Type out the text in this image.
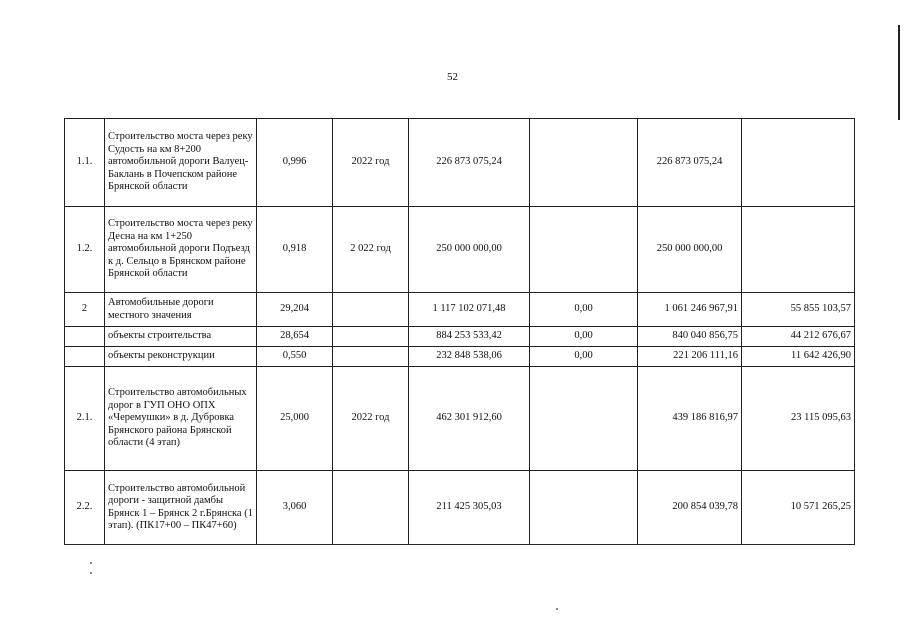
52
1.1.	Строительство моста через реку Судость на км 8+200 автомобильной дороги Валуец-Баклань в Почепском районе Брянской области	0,996	2022 год	226 873 075,24		226 873 075,24	
1.2.	Строительство моста через реку Десна на км 1+250 автомобильной дороги Подъезд к д. Сельцо в Брянском районе Брянской области	0,918	2 022 год	250 000 000,00		250 000 000,00	
2	Автомобильные дороги местного значения	29,204		1 117 102 071,48	0,00	1 061 246 967,91	55 855 103,57
	объекты строительства	28,654		884 253 533,42	0,00	840 040 856,75	44 212 676,67
	объекты реконструкции	0,550		232 848 538,06	0,00	221 206 111,16	11 642 426,90
2.1.	Строительство автомобильных дорог в ГУП ОНО ОПХ «Черемушки» в д. Дубровка Брянского района Брянской области (4 этап)	25,000	2022 год	462 301 912,60		439 186 816,97	23 115 095,63
2.2.	Строительство автомобильной дороги - защитной дамбы Брянск 1 – Брянск 2 г.Брянска (1 этап). (ПК17+00 – ПК47+60)	3,060		211 425 305,03		200 854 039,78	10 571 265,25
